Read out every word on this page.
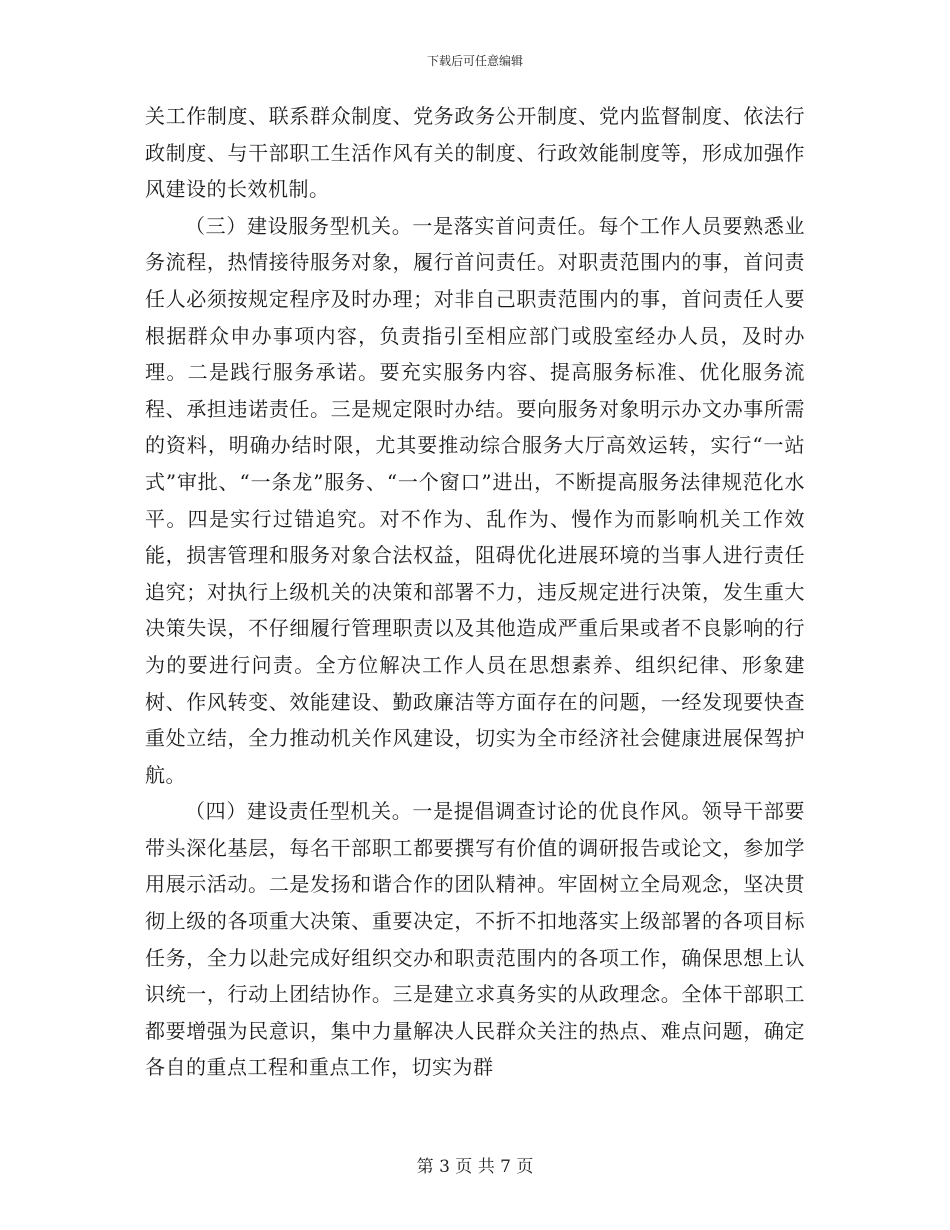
下载后可任意编辑

关工作制度、联系群众制度、党务政务公开制度、党内监督制度、依法行政制度、与干部职工生活作风有关的制度、行政效能制度等，形成加强作风建设的长效机制。

（三）建设服务型机关。一是落实首问责任。每个工作人员要熟悉业务流程，热情接待服务对象，履行首问责任。对职责范围内的事，首问责任人必须按规定程序及时办理；对非自己职责范围内的事，首问责任人要根据群众申办事项内容，负责指引至相应部门或股室经办人员，及时办理。二是践行服务承诺。要充实服务内容、提高服务标准、优化服务流程、承担违诺责任。三是规定限时办结。要向服务对象明示办文办事所需的资料，明确办结时限，尤其要推动综合服务大厅高效运转，实行“一站式”审批、“一条龙”服务、“一个窗口”进出，不断提高服务法律规范化水平。四是实行过错追究。对不作为、乱作为、慢作为而影响机关工作效能，损害管理和服务对象合法权益，阻碍优化进展环境的当事人进行责任追究；对执行上级机关的决策和部署不力，违反规定进行决策，发生重大决策失误，不仔细履行管理职责以及其他造成严重后果或者不良影响的行为的要进行问责。全方位解决工作人员在思想素养、组织纪律、形象建树、作风转变、效能建设、勤政廉洁等方面存在的问题，一经发现要快查重处立结，全力推动机关作风建设，切实为全市经济社会健康进展保驾护航。

（四）建设责任型机关。一是提倡调查讨论的优良作风。领导干部要带头深化基层，每名干部职工都要撰写有价值的调研报告或论文，参加学用展示活动。二是发扬和谐合作的团队精神。牢固树立全局观念，坚决贯彻上级的各项重大决策、重要决定，不折不扣地落实上级部署的各项目标任务，全力以赴完成好组织交办和职责范围内的各项工作，确保思想上认识统一，行动上团结协作。三是建立求真务实的从政理念。全体干部职工都要增强为民意识，集中力量解决人民群众关注的热点、难点问题，确定各自的重点工程和重点工作，切实为群

第 3 页 共 7 页
